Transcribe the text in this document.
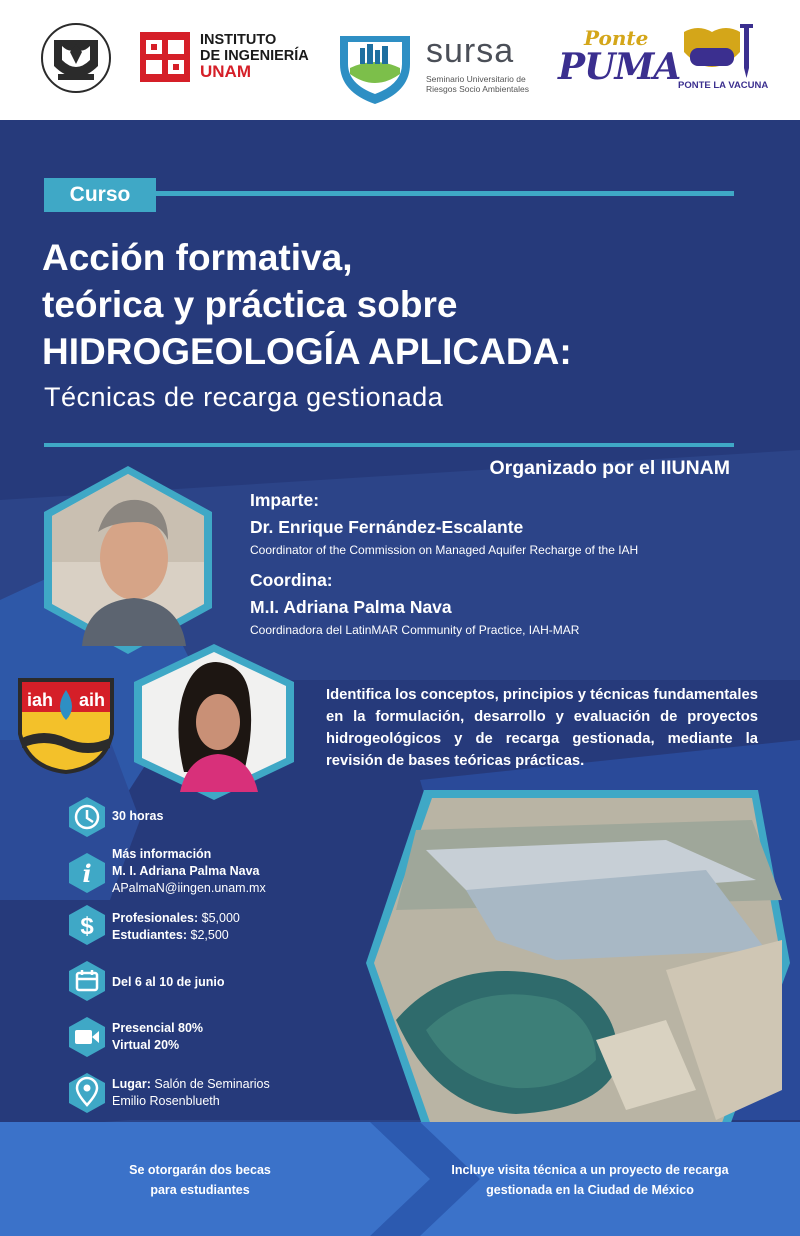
INSTITUTO
DE INGENIERÍA
UNAM
sursa
Seminario Universitario de Riesgos Socio Ambientales
Ponte
PUMA
PONTE LA VACUNA
Curso
Acción formativa,
teórica y práctica sobre
HIDROGEOLOGÍA APLICADA:
Técnicas de recarga gestionada
Organizado por el IIUNAM
Imparte:
Dr. Enrique Fernández-Escalante
Coordinator of the Commission on Managed Aquifer Recharge of the IAH
Coordina:
M.I. Adriana Palma Nava
Coordinadora del LatinMAR Community of Practice, IAH-MAR
iah aih	Identifica los conceptos, principios y técnicas fundamentales en la formulación, desarrollo y evaluación de proyectos hidrogeológicos y de recarga gestionada, mediante la revisión de bases teóricas prácticas.
30 horas
i
Más información
M. I. Adriana Palma Nava
APalmaN@iingen.unam.mx
$ Profesionales: $5,000
Estudiantes: $2,500
Del 6 al 10 de junio
Presencial 80%
Virtual 20%
Lugar: Salón de Seminarios
Emilio Rosenblueth
Se otorgarán dos becas
para estudiantes
Incluye visita técnica a un proyecto de recarga
gestionada en la Ciudad de México
